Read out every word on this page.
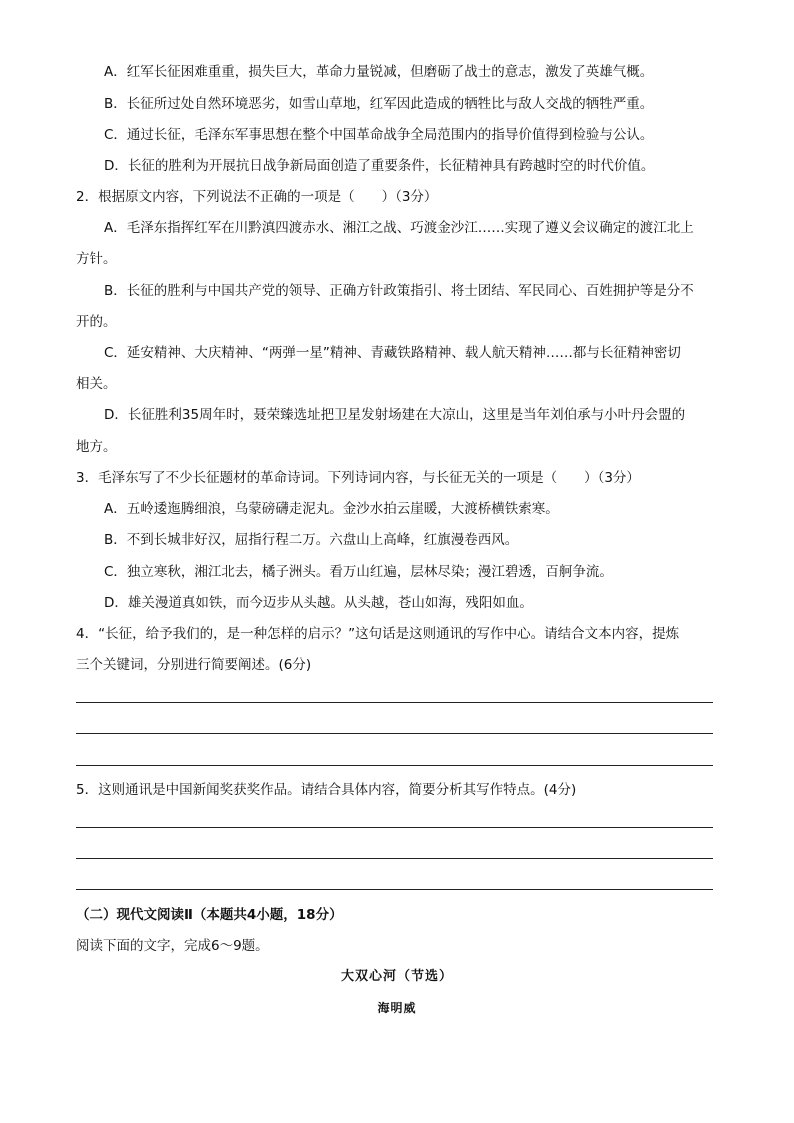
A．红军长征困难重重，损失巨大，革命力量锐减，但磨砺了战士的意志，激发了英雄气概。
B．长征所过处自然环境恶劣，如雪山草地，红军因此造成的牺牲比与敌人交战的牺牲严重。
C．通过长征，毛泽东军事思想在整个中国革命战争全局范围内的指导价值得到检验与公认。
D．长征的胜利为开展抗日战争新局面创造了重要条件，长征精神具有跨越时空的时代价值。
2．根据原文内容，下列说法不正确的一项是（　　）（3分）
A．毛泽东指挥红军在川黔滇四渡赤水、湘江之战、巧渡金沙江……实现了遵义会议确定的渡江北上
方针。
B．长征的胜利与中国共产党的领导、正确方针政策指引、将士团结、军民同心、百姓拥护等是分不
开的。
C．延安精神、大庆精神、“两弹一星”精神、青藏铁路精神、载人航天精神……都与长征精神密切
相关。
D．长征胜利35周年时，聂荣臻选址把卫星发射场建在大凉山，这里是当年刘伯承与小叶丹会盟的
地方。
3．毛泽东写了不少长征题材的革命诗词。下列诗词内容，与长征无关的一项是（　　）（3分）
A．五岭逶迤腾细浪，乌蒙磅礴走泥丸。金沙水拍云崖暖，大渡桥横铁索寒。
B．不到长城非好汉，屈指行程二万。六盘山上高峰，红旗漫卷西风。
C．独立寒秋，湘江北去，橘子洲头。看万山红遍，层林尽染；漫江碧透，百舸争流。
D．雄关漫道真如铁，而今迈步从头越。从头越，苍山如海，残阳如血。
4．“长征，给予我们的，是一种怎样的启示？”这句话是这则通讯的写作中心。请结合文本内容，提炼
三个关键词，分别进行简要阐述。(6分)
5．这则通讯是中国新闻奖获奖作品。请结合具体内容，简要分析其写作特点。(4分)
（二）现代文阅读Ⅱ（本题共4小题，18分）
阅读下面的文字，完成6～9题。
大双心河（节选）
海明威
